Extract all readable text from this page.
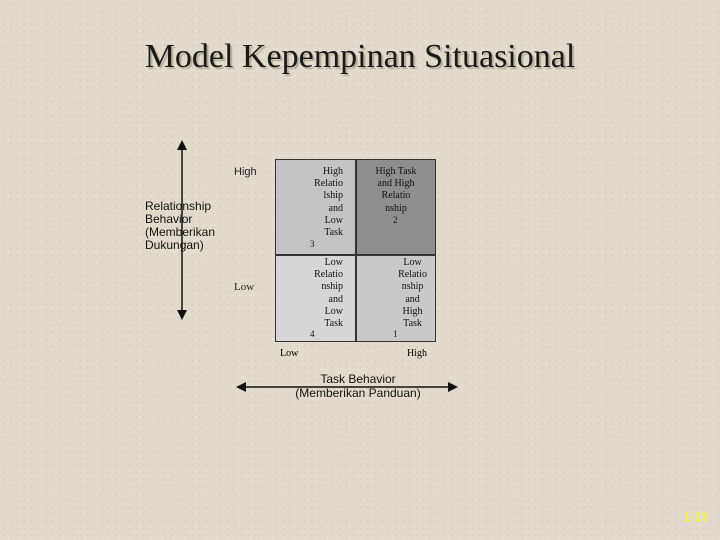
Model Kepempinan Situasional
Relationship
Behavior
(Memberikan
Dukungan)
High
Low
High
Relatio
lship
and
Low
Task
3
High Task
and High
Relatio
nship
2
Low
Relatio
nship
and
Low
Task
4
Low
Relatio
nship
and
High
Task
1
Low	High
Task Behavior
(Memberikan Panduan)
1-13
